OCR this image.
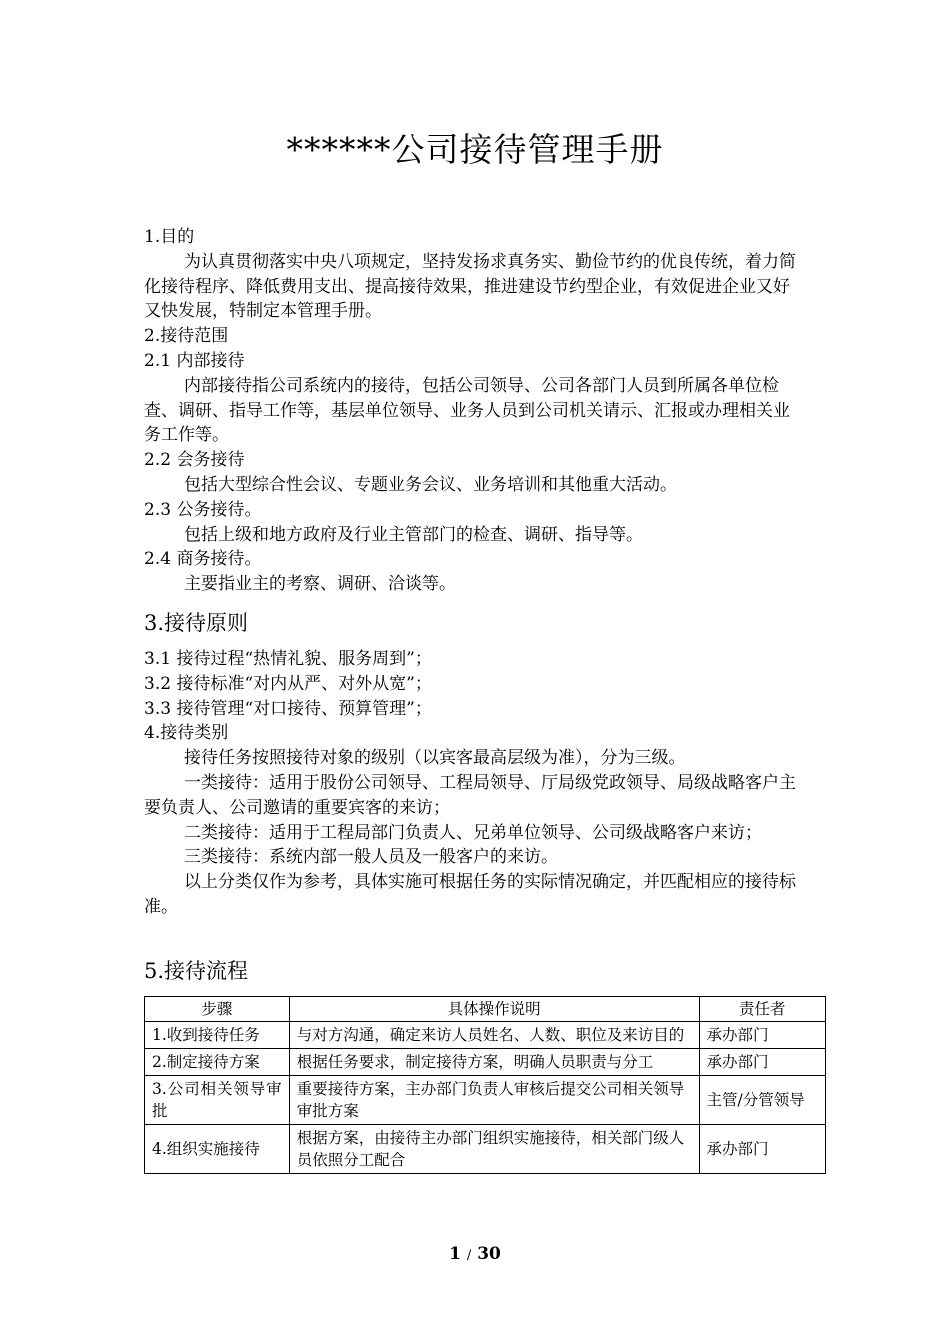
******公司接待管理手册

1.目的

为认真贯彻落实中央八项规定，坚持发扬求真务实、勤俭节约的优良传统，着力简化接待程序、降低费用支出、提高接待效果，推进建设节约型企业，有效促进企业又好又快发展，特制定本管理手册。

2.接待范围

2.1 内部接待

内部接待指公司系统内的接待，包括公司领导、公司各部门人员到所属各单位检查、调研、指导工作等，基层单位领导、业务人员到公司机关请示、汇报或办理相关业务工作等。

2.2 会务接待

包括大型综合性会议、专题业务会议、业务培训和其他重大活动。

2.3 公务接待。

包括上级和地方政府及行业主管部门的检查、调研、指导等。

2.4 商务接待。

主要指业主的考察、调研、洽谈等。

3.接待原则

3.1 接待过程“热情礼貌、服务周到”；

3.2 接待标准“对内从严、对外从宽”；

3.3 接待管理“对口接待、预算管理”；

4.接待类别

接待任务按照接待对象的级别（以宾客最高层级为准），分为三级。

一类接待：适用于股份公司领导、工程局领导、厅局级党政领导、局级战略客户主要负责人、公司邀请的重要宾客的来访；

二类接待：适用于工程局部门负责人、兄弟单位领导、公司级战略客户来访；

三类接待：系统内部一般人员及一般客户的来访。

以上分类仅作为参考，具体实施可根据任务的实际情况确定，并匹配相应的接待标准。

5.接待流程

步骤	具体操作说明	责任者
1.收到接待任务	与对方沟通，确定来访人员姓名、人数、职位及来访目的	承办部门
2.制定接待方案	根据任务要求，制定接待方案，明确人员职责与分工	承办部门
3.公司相关领导审批	重要接待方案，主办部门负责人审核后提交公司相关领导审批方案	主管/分管领导
4.组织实施接待	根据方案，由接待主办部门组织实施接待，相关部门级人员依照分工配合	承办部门
1 / 30
